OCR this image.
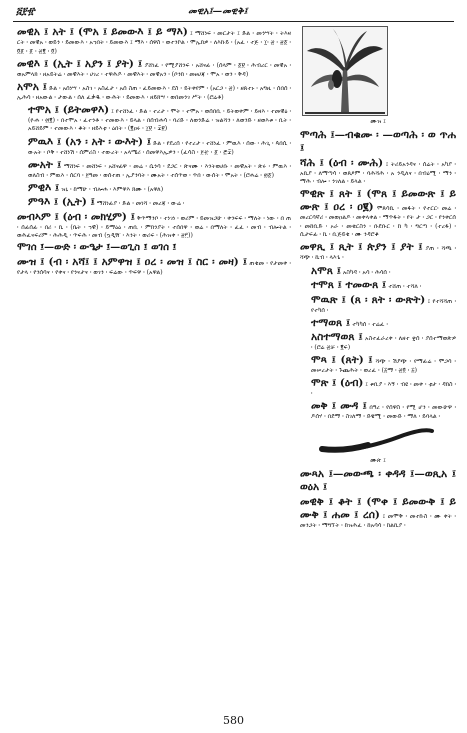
፭፻፹	መዊአ፤—መዊቅ፤
መዊአ ፤ አት ፤ (ሞአ ፤ ይመውእ ፤ ይ ማእ) ፤ ማሸነፍ ፡ መርታት ፤ ድል ፡ መንሣት ፡ ትእዛ ርት ፡ መዊአ ፡ ወይን ፡ ይመውእ ፡ አኀበት ፡ ይመውእ ፤ ማእ ፡ ሰዋስ ፡ ወተንኮል ፡ ሞኢክዎ ፡ ለእኩይ ፡ (አፈ ፡ ተጅ ፡ ፲፡ ፳ ፡ ፳፩ ፡ ፬፩ ፡ ፩ ፡ ፳፪ ፡ ፬)
መዊእ ፤ (ኢት ፤ አያን ፤ ያት) ፤ ያሸነፈ ፡ የሚያሸንፍ ፡ አሸናፊ ፡ (ሰላም ፡ ፩፱ ፡ ሕብረር ፡ መዊአ ፡ ወአምላክ ፡ ዘአይትሬ ፡ መዊእት ፡ ሀገረ ፡ ተዋሕዶ ፡ መዊእት ፡ መዊአን ፡ (ቦንክ ፡ መፀሀጃ ፡ ሞአ ፡ ወን ፡ ቅዳ)
አሞአ ፤ ድል ፡ አሰነሣ ፡ አስገ ፡ አስፈታ ፡ አሰ ስጠ ፡ ፈይመውእ ፡ ደስ ፡ ይትቀየም ፡ (አርጋ ፡ ፳) ፡ ዘጸተኑ ፡ አግዚ ፡ ሰበሰ ፡ ኢሕሳ ፡ ዘአውል ፡ ታውል ፡ ሰለ ፈቃዱ ፡ ውሕት ፡ ይመውእ ፡ ዘይክሣ ፡ ወበመንገ ሥት ፡ (ሮሬቶ)
ተሞአ ፤ (ይትመዋእ) ፤ የተሸነፈ ፡ ድል ፡ ተረታ ፡ ሞት ፡ ተሞአ ፡ ወሰበቢ ፡ ይትወቀም ፡ ይዛእ ፡ ተመዊዕ ፡ (ዮሐ ፡ ፴፪) ፡ በተሞአ ፡ ፈተንቶ ፡ ተመውእ ፡ ይላል ፡ በሰብሐሳ ፡ ባሪድ ፡ ለወንድሬ ፡ ዝልሻን ፡ ለወንድ ፡ ዘወእቱ ፡ ቢት ፡ አይሸይም ፡ ተመውእ ፡ ቆት ፡ ዘይእቲ ፡ ዕበት ፡ (፪ዐሩ ፡ ፲፱ ፡ ፰፱)
ምዉእ ፤ (አን ፡ አት ፡ ውእት) ፤ ድል ፡ የደረሰ ፡ የተረታ ፡ ተሸነፈ ፡ ምዉእ ፡ ሰው ፡ ሕጊ ፡ ጳበሲ ፡ ውአት ፡ ቦቅ ፡ ተሸነሽ ፡ ሰምሪስ ፡ ተውረት ፡ አላሜሪ ፡ ሰመዋእኢዎን ፡ (ፈሳስ ፡ ፻፹ ፡ ፩ ፡ ፸፰)
ሙአት ፤ ማሸነፍ ፡ መሸነፍ ፡ አሸናፊዋ ፡ መሬ ፡ ሴንሳ ፡ ደጋር ፡ ጽናሙ ፡ እንትወሀቡ ፡ መዊአት ፡ ጽሩ ፡ ምዉእ ፡ ወለስብ ፡ ምዉእ ፡ ሰርባ ፡ ፻ዓመ ፡ ወሰተጠ ፡ ኢያንባት ፡ ሙአት ፡ ተሰጥወ ፡ ጥበ ፡ ውሰት ፡ ሞአት ፡ (ሮሐሬ ፡ ፴፩)
ምዊእ ፤ ዝኒ ፡ ከማሁ ፡ ብሎሐ ፡ እምዋእ ክሙ ፡ (አዋለ)
ምዓእ ፤ (ኢት) ፤ ማሸነፊያ ፡ ድል ፡ መነሻ ፡ መረጃ ፡ ውሬ ፡
መብኣም ፤ (ዕብ ፡ መክሂም) ፤ ቅጥማንቦ ፡ ተነገነ ፡ ወሪም ፡ ይመዝጋሁ ፡ ቀንፍፍ ፡ ማለት ፡ ነው ፡ በ ጠ ፡ ሰፊሰፊ ፡ በሪ ፡ ኪ ፡ (ቤት ፡ ኀዊ) ፡ ይማዕዕ ፡ ጠቢ ፡ ምክንያት ፡ ተሰበዋ ፡ ወሬ ፡ በማለት ፡ ፈፈ ፡ መብ ፡ ብሎትል ፡ ወሕፈናፍሪም ፡ ሕሕዲ ፡ ጥፍሕ ፡ መብ (ኳዲዥ ፡ እንት ፡ ወሪፍ ፡ (ሕዝቀ ፡ ፳፫))
ሞገሰ ፤—ውድ ፡ ውዔታ ፤—ወጊስ ፤ ወገሰ ፤
ሙዝ ፤ (ብ ፡ አሻ፤ ፤ አምዋዝ ፤ ዐረ ፡ መዝ ፤ ስር ፡ መዛ) ፤ ጠቁመ ፡ የታመቀ ፡ የታላ ፡ የንሰሳና ፡ የቀና ፡ የንናታና ፡ ወገን ፡ ፍሬው ፡ ጥፍዋ ፡ (አዋል)
ሙዝ ፤
ሞጣሕ ፤—ብቁሙ ፡ —ወጣሕ ፡ ወ ጥሐ ፤
ሻሕ ፤ (ዕብ ፡ ሙሕ) ፤ ትሪይአንዳና ፡ ሰሬት ፡ አካያ ፡ አኪያ ፡ ለማጣሳ ፡ ወጸዖም ፡ ባሕሻሕ ፡ አ ንዲለና ፡ በብዕሚ ፡ ማን ፡ ማሕ ፡ ብሎ ፡ ንገለል ፡ ይላል ፡
ሞዊጽ ፤ ጸት ፤ (ሞጸ ፤ ይመውጽ ፤ ይ ሙጽ ፤ ዐረ ፡ ዐ፪) ሞጸሳኪ ፡ መፋት ፡ የተርር፡ መሬ ፡ መረርሳኛሪ ፡ መወዐልዶ ፡ መቀላቀል ፡ ማጥፋት ፡ የት ታ ፡ ጋር ፡ የንቀርሰ ፡ መከቢድ ፡ ኦራ ፡ መቁርስን ፡ ቡደቡር ፡ ከ ካ ፡ ግርጣ ፡ (ተረፋ) ፡ ሲታፍፊ ፡ ኬ ፡ ቢጅይቁ ፡ ሙ ንዳሮቆ
መዋጺ ፤ ጺት ፤ ጵያን ፤ ያት ፤ ያጠ ፡ ሻጫ ፡ ሻጭ ፡ ኬብ ፡ ላእጌ ፡
አሞጸ ፤ አስካዳ ፡ አሳ ፡ ሕሳሰ ፡
ተሞጸ ፤ ተመውጸ ፤ ተሸጠ ፡ ተሻለ ፡
ሞዉጽ ፤ (ጸ ፡ ጸት ፡ ውጽት) ፤ የተሻሻጠ ፡ የተካሰ ፡
ተማወጸ ፤ ተካካሰ ፡ ተሬፈ ፡
አስተማወጸ ፤ አስተፈራረቀ ፡ ለዘተ ቋሰ ፡ ያሰተማወጽዎ ፡ (ሮሬ ፳ቻ ፡ ፪ፍ)
ሞጻ ፤ (ጸት) ፤ ሻጭ ፡ ሽያጭ ፡ የማፊሬ ፡ ሞጋሳ ፡ መሠረታት ፡ ጉጨሕት ፡ ወረፈ ፡ (፭ማ ፡ ፳፬ ፡ ፭)
ሞጽ ፤ (ዕብ) ፤ ቱቢያ ፡ እኝ ፡ ብዩ ፡ መቀ ፡ ቲታ ፡ ዳክስ ፡ ፡
መቅ ፤ ሙዳ ፤ በዓረ ፡ የሰዋስ ፡ የሚ ሆን ፡ መውሁዋ ፡ ዶሰሃ ፡ በደማ ፡ ስገለማ ፡ ድዌሚ ፡ መውድ ፡ ማለ ፡ ይባላል ፡
ሙጵ ፤
ሙጻአ ፤—መውጫ ፡ ቀዳዳ ፤—ወጺአ ፤ ወዕአ ፤
መዊቅ ፤ ቆት ፤ (ሞቀ ፤ ይመውቅ ፤ ይ ሙቅ ፤ ሐመ ፤ ረሰ) ፤ መሞቅ ፡ መተኩስ ፡ ሙ ቀት ፡ መንጋት ፡ ማግኘት ፡ ከዝሕፈ ፡ ከአሳሳ ፡ ከልኪያ ፡
580
